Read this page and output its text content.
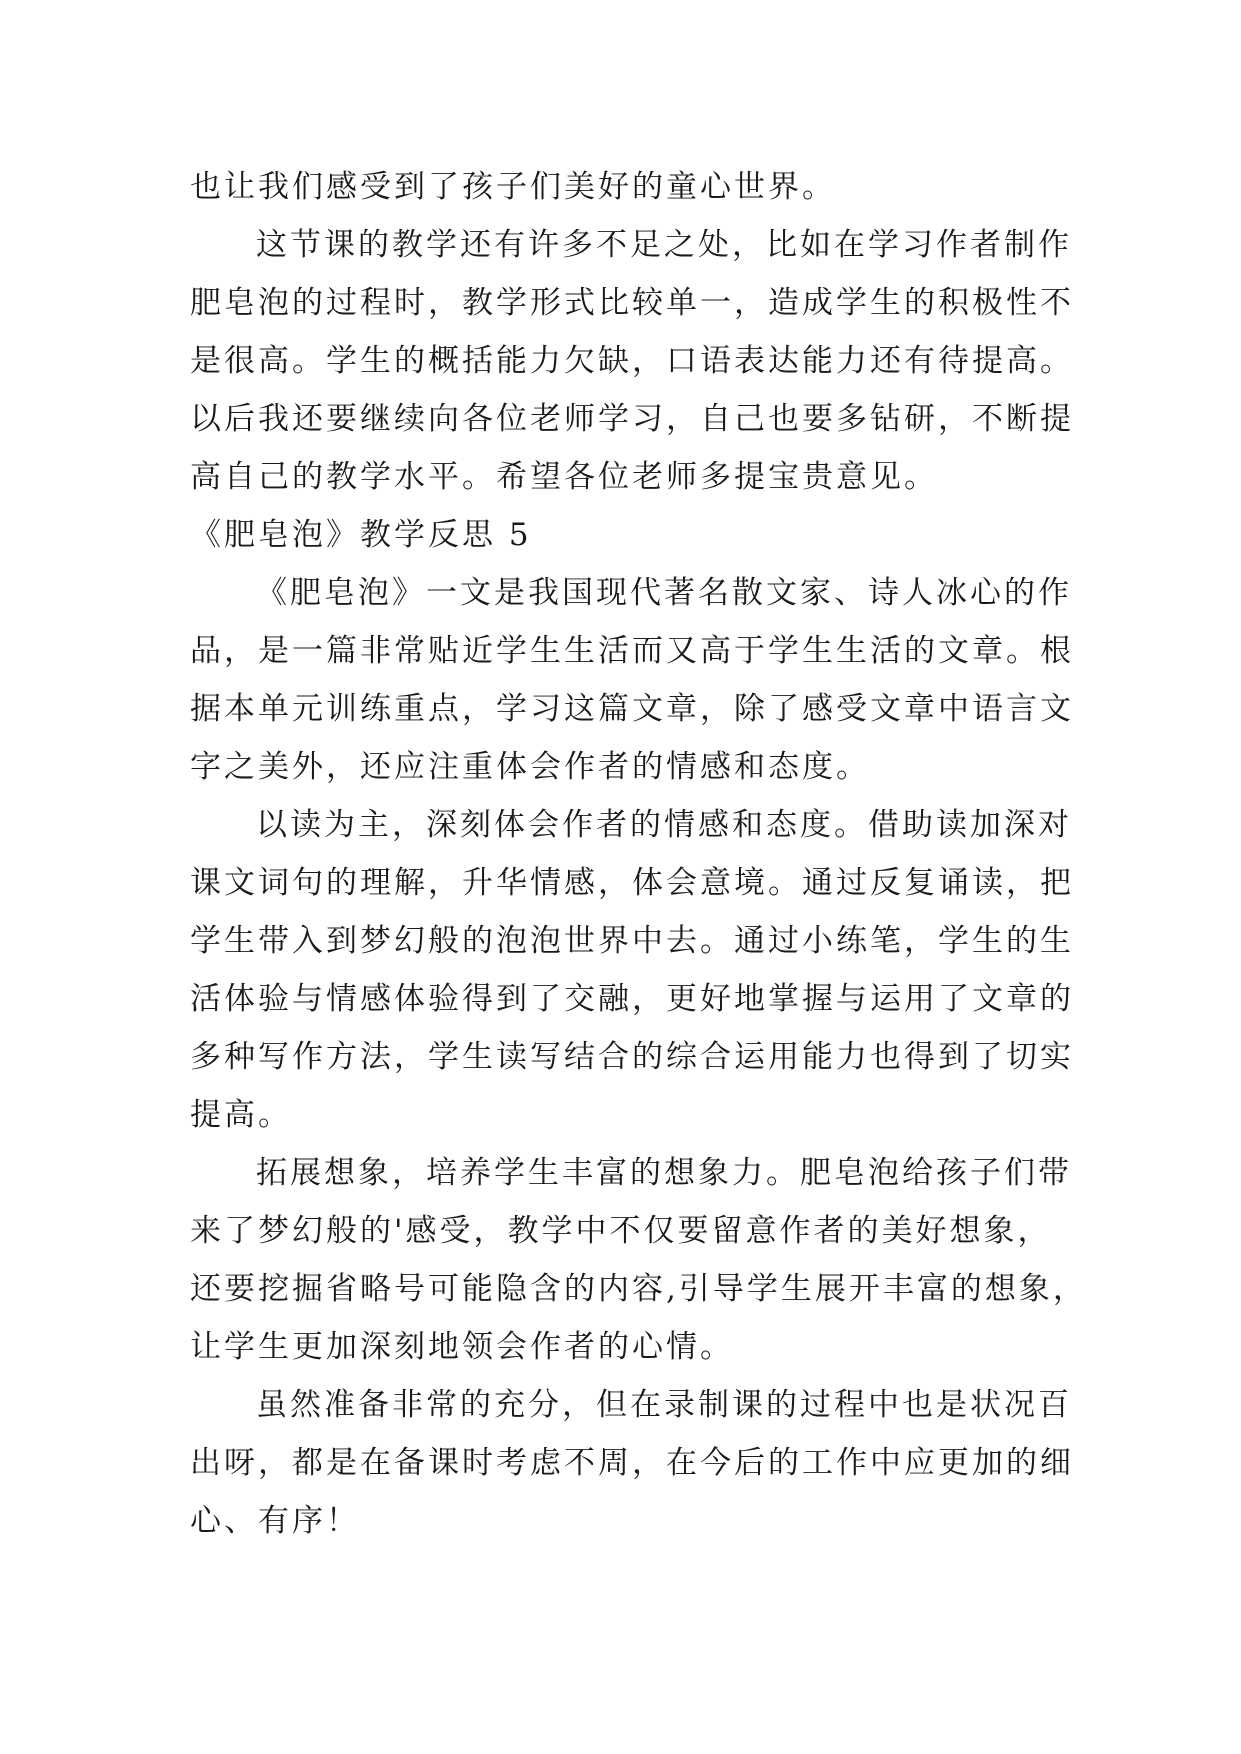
也让我们感受到了孩子们美好的童心世界。
这节课的教学还有许多不足之处，比如在学习作者制作
肥皂泡的过程时，教学形式比较单一，造成学生的积极性不
是很高。学生的概括能力欠缺，口语表达能力还有待提高。
以后我还要继续向各位老师学习，自己也要多钻研，不断提
高自己的教学水平。希望各位老师多提宝贵意见。
《肥皂泡》教学反思 5
《肥皂泡》一文是我国现代著名散文家、诗人冰心的作
品，是一篇非常贴近学生生活而又高于学生生活的文章。根
据本单元训练重点，学习这篇文章，除了感受文章中语言文
字之美外，还应注重体会作者的情感和态度。
以读为主，深刻体会作者的情感和态度。借助读加深对
课文词句的理解，升华情感，体会意境。通过反复诵读，把
学生带入到梦幻般的泡泡世界中去。通过小练笔，学生的生
活体验与情感体验得到了交融，更好地掌握与运用了文章的
多种写作方法，学生读写结合的综合运用能力也得到了切实
提高。
拓展想象，培养学生丰富的想象力。肥皂泡给孩子们带
来了梦幻般的'感受，教学中不仅要留意作者的美好想象，
还要挖掘省略号可能隐含的内容,引导学生展开丰富的想象，
让学生更加深刻地领会作者的心情。
虽然准备非常的充分，但在录制课的过程中也是状况百
出呀，都是在备课时考虑不周，在今后的工作中应更加的细
心、有序！
